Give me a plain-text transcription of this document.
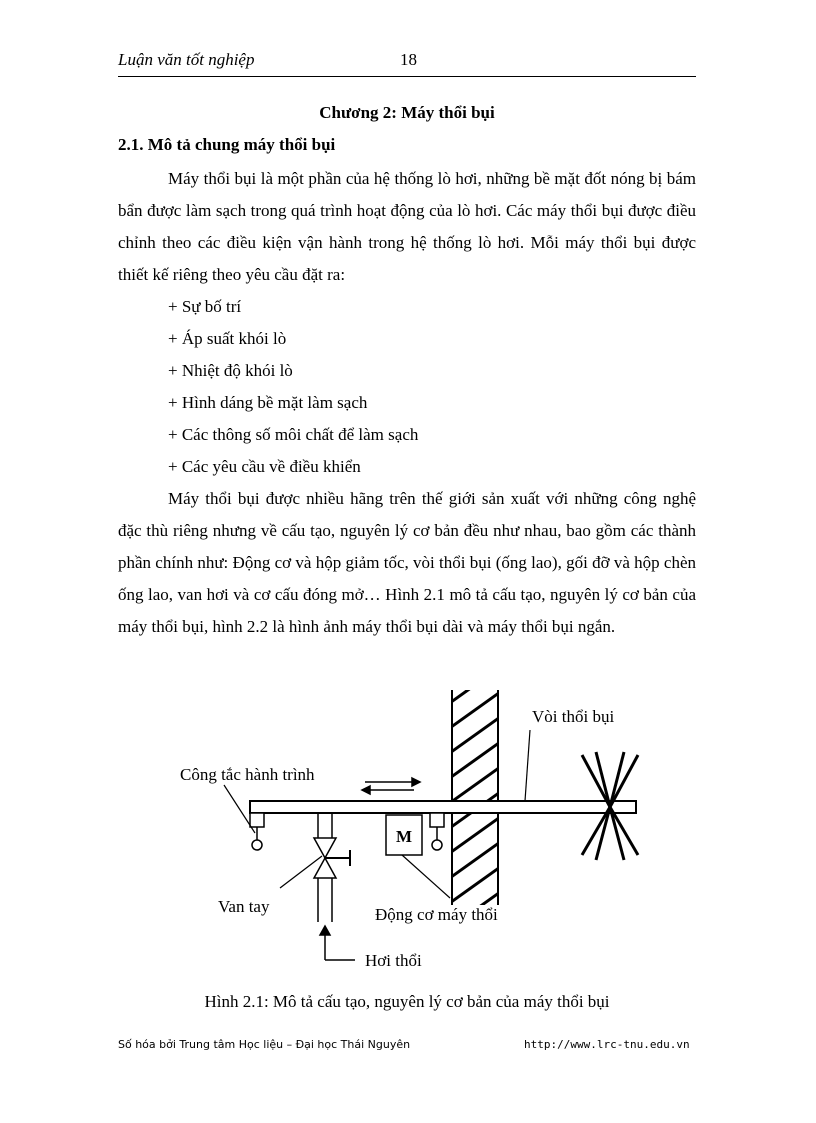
Luận văn tốt nghiệp	18
Chương 2: Máy thổi bụi
2.1. Mô tả chung máy thổi bụi

Máy thổi bụi là một phần của hệ thống lò hơi, những bề mặt đốt nóng bị bám bẩn được làm sạch trong quá trình hoạt động của lò hơi. Các máy thổi bụi được điều chỉnh theo các điều kiện vận hành trong hệ thống lò hơi. Mỗi máy thổi bụi được thiết kế riêng theo yêu cầu đặt ra:

+ Sự bố trí
+ Áp suất khói lò
+ Nhiệt độ khói lò
+ Hình dáng bề mặt làm sạch
+ Các thông số môi chất để làm sạch
+ Các yêu cầu về điều khiển

Máy thổi bụi được nhiều hãng trên thế giới sản xuất với những công nghệ đặc thù riêng nhưng về cấu tạo, nguyên lý cơ bản đều như nhau, bao gồm các thành phần chính như: Động cơ và hộp giảm tốc, vòi thổi bụi (ống lao), gối đỡ và hộp chèn ống lao, van hơi và cơ cấu đóng mở… Hình 2.1 mô tả cấu tạo, nguyên lý cơ bản của máy thổi bụi, hình 2.2 là hình ảnh máy thổi bụi dài và máy thổi bụi ngắn.

M
Vòi thổi bụi
Công tắc hành trình
Van tay	Động cơ máy thổi
Hơi thổi
Hình 2.1: Mô tả cấu tạo, nguyên lý cơ bản của máy thổi bụi
Số hóa bởi Trung tâm Học liệu – Đại học Thái Nguyên	http://www.lrc-tnu.edu.vn
